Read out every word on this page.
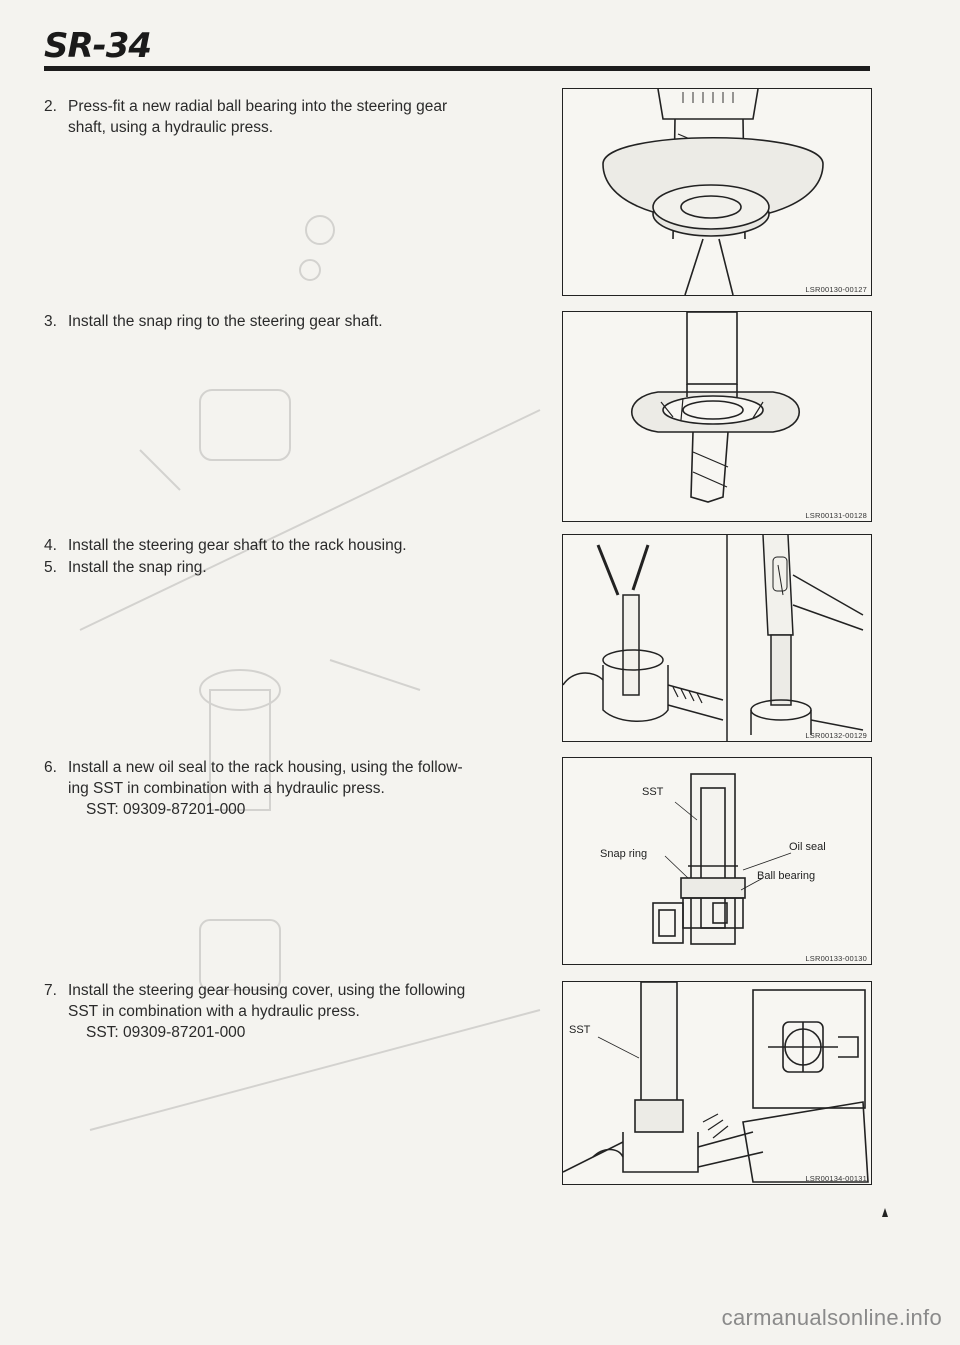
SR-34
2. Press-fit a new radial ball bearing into the steering gear
shaft, using a hydraulic press.
3. Install the snap ring to the steering gear shaft.
4. Install the steering gear shaft to the rack housing.
5. Install the snap ring.
6. Install a new oil seal to the rack housing, using the follow-
ing SST in combination with a hydraulic press.
SST: 09309-87201-000
7. Install the steering gear housing cover, using the following
SST in combination with a hydraulic press.
SST: 09309-87201-000
LSR00130-00127
LSR00131-00128
LSR00132-00129
SST
Snap ring
Oil seal
Ball bearing
LSR00133-00130
SST
LSR00134-00131
carmanualsonline.info
